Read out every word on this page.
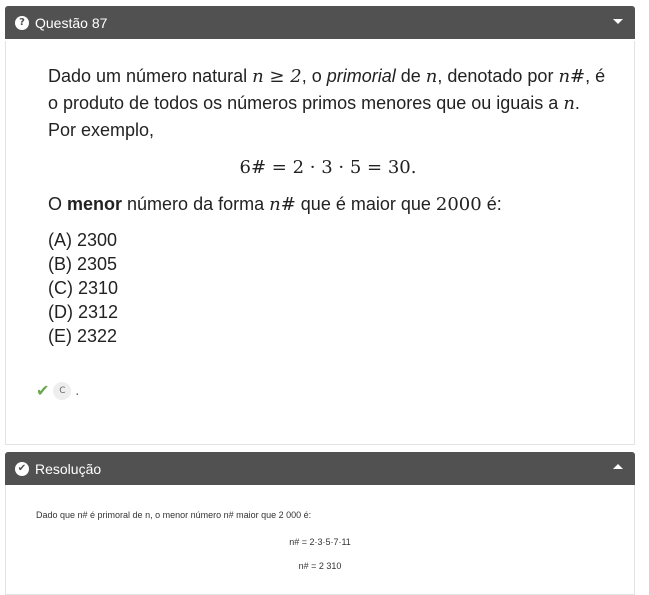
? Questão 87

Dado um número natural n ≥ 2, o primorial de n, denotado por n#, é o produto de todos os números primos menores que ou iguais a n. Por exemplo,

6# = 2 · 3 · 5 = 30.

O menor número da forma n# que é maior que 2000 é:

(A) 2300
(B) 2305
(C) 2310
(D) 2312
(E) 2322
✔	C .
✔ Resolução
Dado que n# é primoral de n, o menor número n# maior que 2 000 é:
n# = 2·3·5·7·11
n# = 2 310
